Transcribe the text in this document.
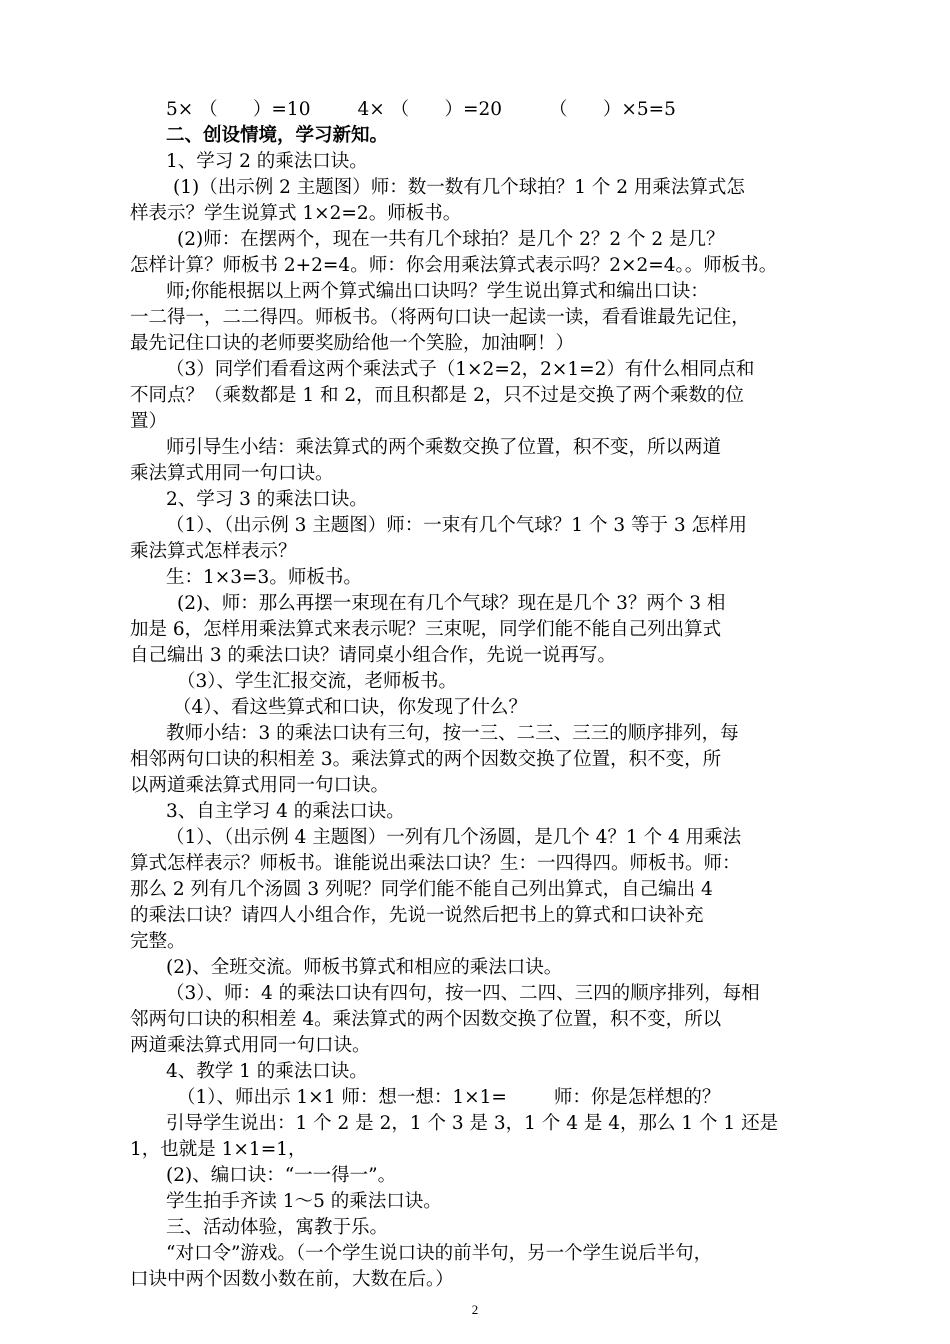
5× （      ）=10        4× （      ）=20        （      ）×5=5
二、创设情境，学习新知。
1、学习 2 的乘法口诀。
(1)（出示例 2 主题图）师：数一数有几个球拍？1 个 2 用乘法算式怎
样表示？学生说算式 1×2=2。师板书。
(2)师：在摆两个，现在一共有几个球拍？是几个 2？2 个 2 是几？
怎样计算？师板书 2+2=4。师：你会用乘法算式表示吗？2×2=4。。师板书。
师;你能根据以上两个算式编出口诀吗？学生说出算式和编出口诀：
一二得一，二二得四。师板书。（将两句口诀一起读一读，看看谁最先记住，
最先记住口诀的老师要奖励给他一个笑脸，加油啊！）
（3）同学们看看这两个乘法式子（1×2=2，2×1=2）有什么相同点和
不同点？（乘数都是 1 和 2，而且积都是 2，只不过是交换了两个乘数的位
置）
师引导生小结：乘法算式的两个乘数交换了位置，积不变，所以两道
乘法算式用同一句口诀。
2、学习 3 的乘法口诀。
（1）、（出示例 3 主题图）师：一束有几个气球？1 个 3 等于 3 怎样用
乘法算式怎样表示？
生：1×3=3。师板书。
(2)、师：那么再摆一束现在有几个气球？现在是几个 3？两个 3 相
加是 6，怎样用乘法算式来表示呢？三束呢，同学们能不能自己列出算式
自己编出 3 的乘法口诀？请同桌小组合作，先说一说再写。
（3）、学生汇报交流，老师板书。
（4）、看这些算式和口诀，你发现了什么？
教师小结：3 的乘法口诀有三句，按一三、二三、三三的顺序排列，每
相邻两句口诀的积相差 3。乘法算式的两个因数交换了位置，积不变，所
以两道乘法算式用同一句口诀。
3、自主学习 4 的乘法口诀。
（1）、（出示例 4 主题图）一列有几个汤圆，是几个 4？1 个 4 用乘法
算式怎样表示？师板书。谁能说出乘法口诀？生：一四得四。师板书。师：
那么 2 列有几个汤圆 3 列呢？同学们能不能自己列出算式，自己编出 4
的乘法口诀？请四人小组合作，先说一说然后把书上的算式和口诀补充
完整。
(2)、全班交流。师板书算式和相应的乘法口诀。
（3）、师：4 的乘法口诀有四句，按一四、二四、三四的顺序排列，每相
邻两句口诀的积相差 4。乘法算式的两个因数交换了位置，积不变，所以
两道乘法算式用同一句口诀。
4、教学 1 的乘法口诀。
（1）、师出示 1×1 师：想一想：1×1=        师：你是怎样想的？
引导学生说出：1 个 2 是 2，1 个 3 是 3，1 个 4 是 4，那么 1 个 1 还是
1，也就是 1×1=1，
(2)、编口诀：“一一得一”。
学生拍手齐读 1～5 的乘法口诀。
三、活动体验，寓教于乐。
“对口令”游戏。（一个学生说口诀的前半句，另一个学生说后半句，
口诀中两个因数小数在前，大数在后。）
2
